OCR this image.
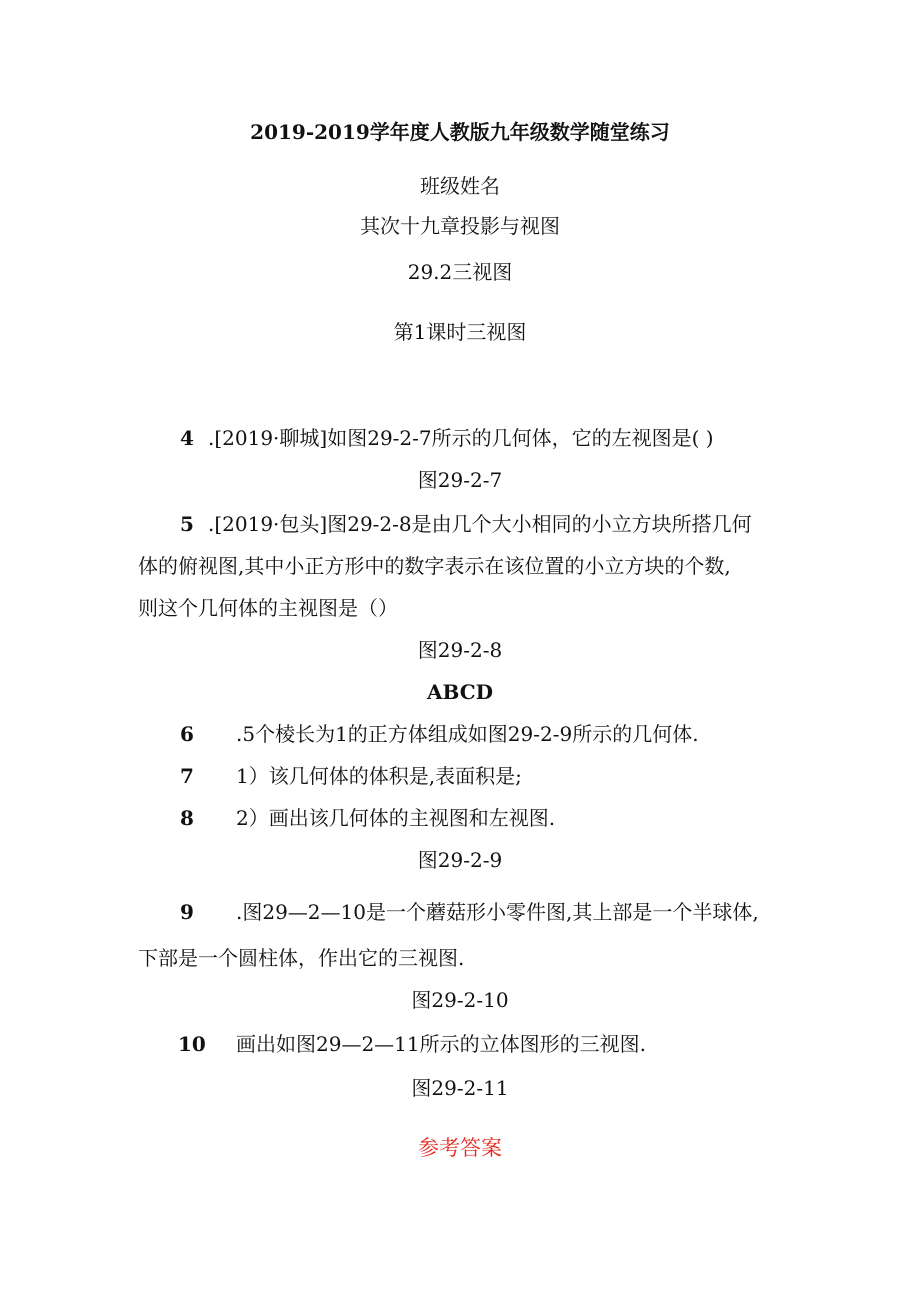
2019-2019学年度人教版九年级数学随堂练习
班级姓名
其次十九章投影与视图
29.2三视图
第1课时三视图
4 .[2019·聊城]如图29-2-7所示的几何体，它的左视图是( )
图29-2-7
5 .[2019·包头]图29-2-8是由几个大小相同的小立方块所搭几何
体的俯视图,其中小正方形中的数字表示在该位置的小立方块的个数,
则这个几何体的主视图是（）
图29-2-8
ABCD
6 .5个棱长为1的正方体组成如图29-2-9所示的几何体.
7 1）该几何体的体积是,表面积是;
8 2）画出该几何体的主视图和左视图.
图29-2-9
9 .图29—2—10是一个蘑菇形小零件图,其上部是一个半球体,
下部是一个圆柱体，作出它的三视图.
图29-2-10
10 画出如图29—2—11所示的立体图形的三视图.
图29-2-11
参考答案
